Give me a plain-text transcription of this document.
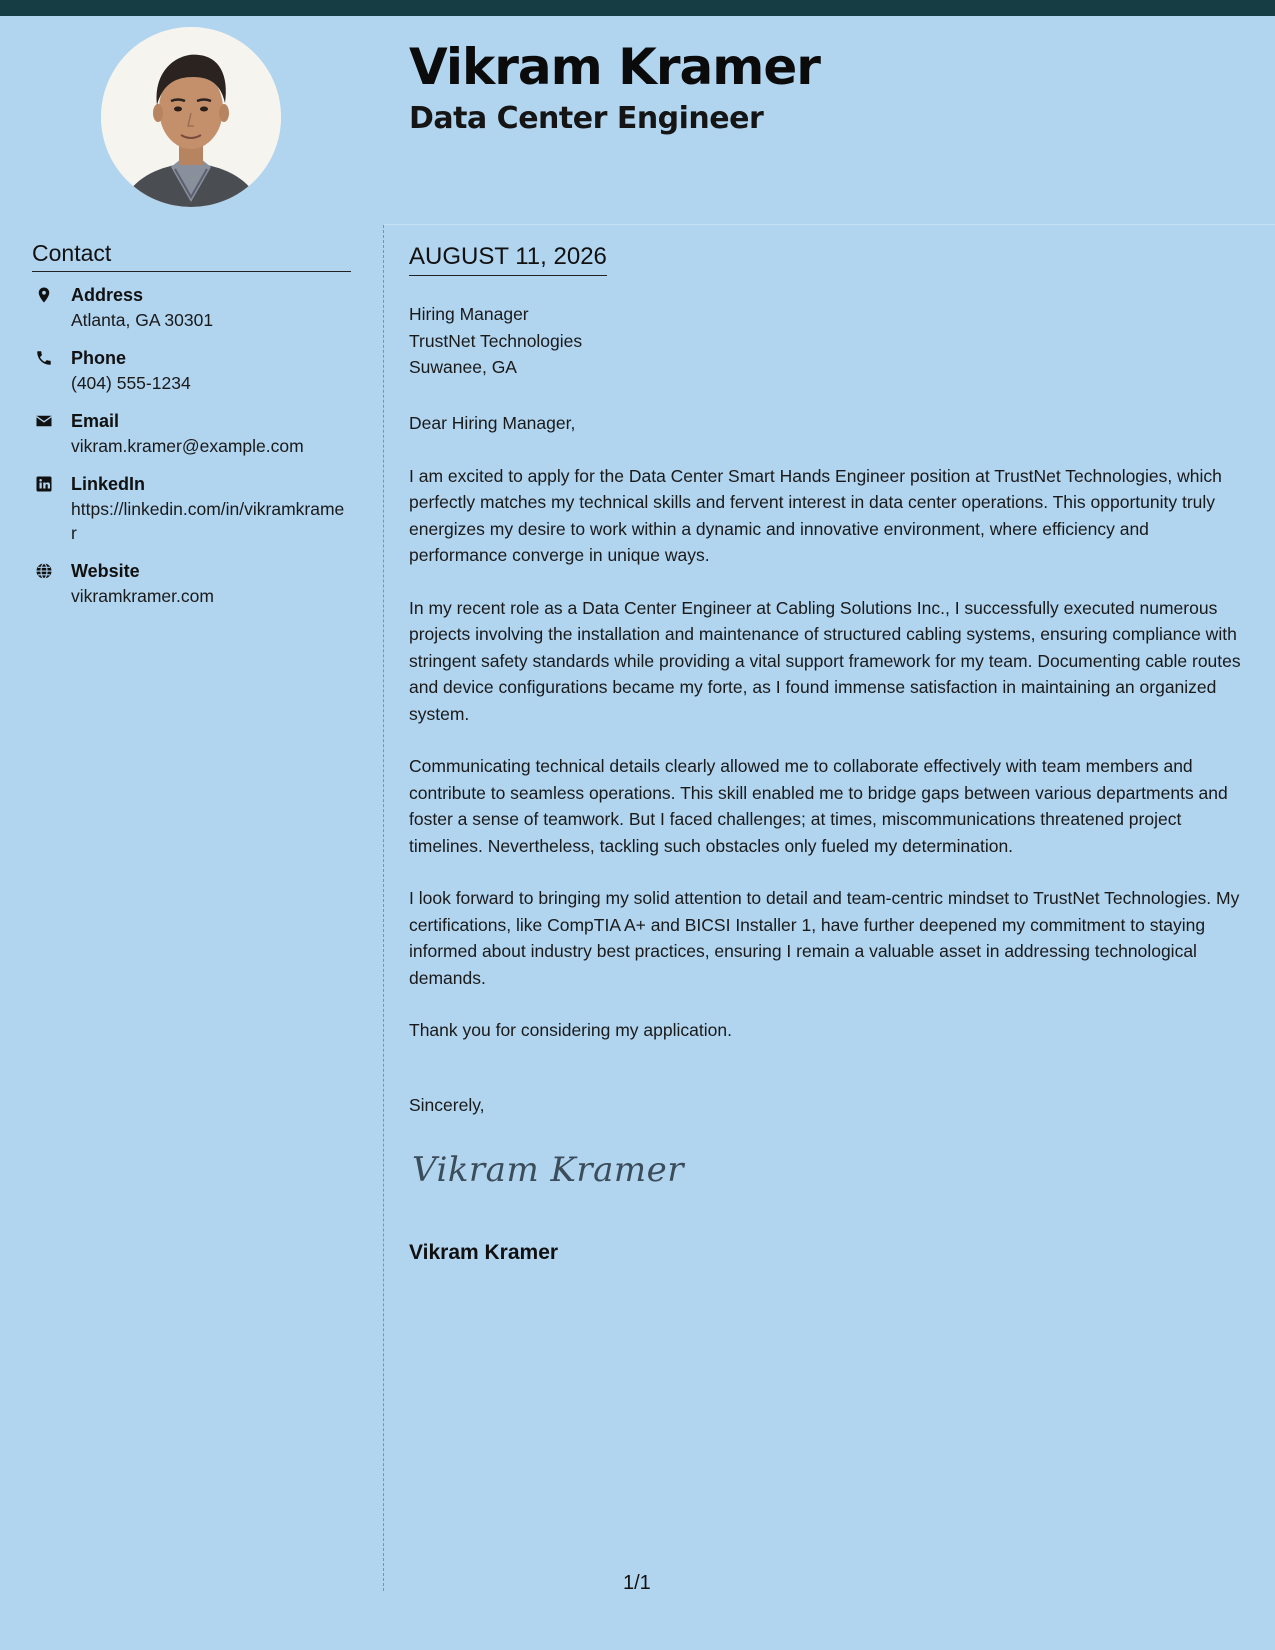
Vikram Kramer
Data Center Engineer
Contact
Address
Atlanta, GA 30301
Phone
(404) 555-1234
Email
vikram.kramer@example.com
LinkedIn
https://linkedin.com/in/vikramkramer
Website
vikramkramer.com
AUGUST 11, 2026
Hiring Manager
TrustNet Technologies
Suwanee, GA

Dear Hiring Manager,

I am excited to apply for the Data Center Smart Hands Engineer position at TrustNet Technologies, which perfectly matches my technical skills and fervent interest in data center operations. This opportunity truly energizes my desire to work within a dynamic and innovative environment, where efficiency and performance converge in unique ways.

In my recent role as a Data Center Engineer at Cabling Solutions Inc., I successfully executed numerous projects involving the installation and maintenance of structured cabling systems, ensuring compliance with stringent safety standards while providing a vital support framework for my team. Documenting cable routes and device configurations became my forte, as I found immense satisfaction in maintaining an organized system.

Communicating technical details clearly allowed me to collaborate effectively with team members and contribute to seamless operations. This skill enabled me to bridge gaps between various departments and foster a sense of teamwork. But I faced challenges; at times, miscommunications threatened project timelines. Nevertheless, tackling such obstacles only fueled my determination.

I look forward to bringing my solid attention to detail and team-centric mindset to TrustNet Technologies. My certifications, like CompTIA A+ and BICSI Installer 1, have further deepened my commitment to staying informed about industry best practices, ensuring I remain a valuable asset in addressing technological demands.

Thank you for considering my application.

Sincerely,
Vikram Kramer
Vikram Kramer
1/1
